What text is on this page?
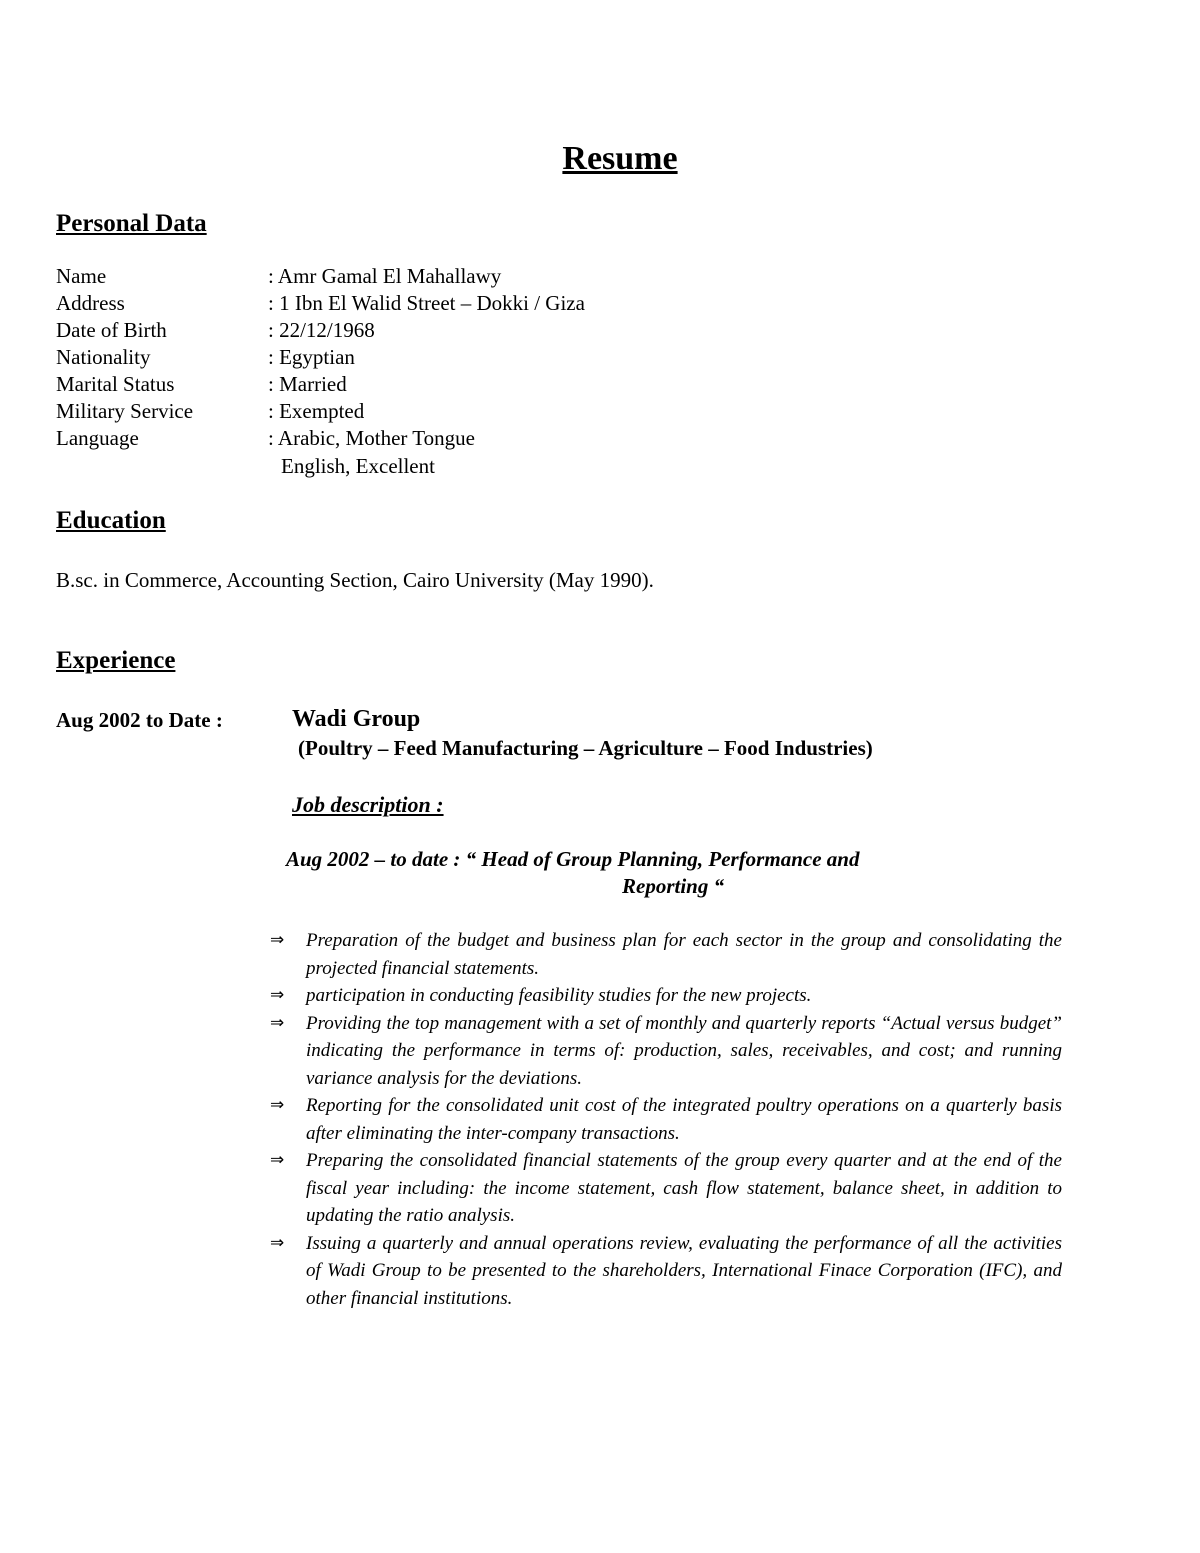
Resume
Personal Data
Name	: Amr Gamal El Mahallawy
Address	: 1 Ibn El Walid Street – Dokki / Giza
Date of Birth	: 22/12/1968
Nationality	: Egyptian
Marital Status	: Married
Military Service	: Exempted
Language	: Arabic, Mother Tongue
English, Excellent
Education
B.sc. in Commerce, Accounting Section, Cairo University (May 1990).
Experience
Aug 2002 to Date :	Wadi Group
(Poultry – Feed Manufacturing – Agriculture – Food Industries)
Job description :
Aug 2002 – to date : “ Head of Group Planning, Performance and
Reporting “
⇒	Preparation of the budget and business plan for each sector in the group and consolidating the projected financial statements.
⇒	participation in conducting feasibility studies for the new projects.
⇒	Providing the top management with a set of monthly and quarterly reports “Actual versus budget” indicating the performance in terms of: production, sales, receivables, and cost; and running variance analysis for the deviations.
⇒	Reporting for the consolidated unit cost of the integrated poultry operations on a quarterly basis after eliminating the inter-company transactions.
⇒	Preparing the consolidated financial statements of the group every quarter and at the end of the fiscal year including: the income statement, cash flow statement, balance sheet, in addition to updating the ratio analysis.
⇒	Issuing a quarterly and annual operations review, evaluating the performance of all the activities of Wadi Group to be presented to the shareholders, International Finace Corporation (IFC), and other financial institutions.
